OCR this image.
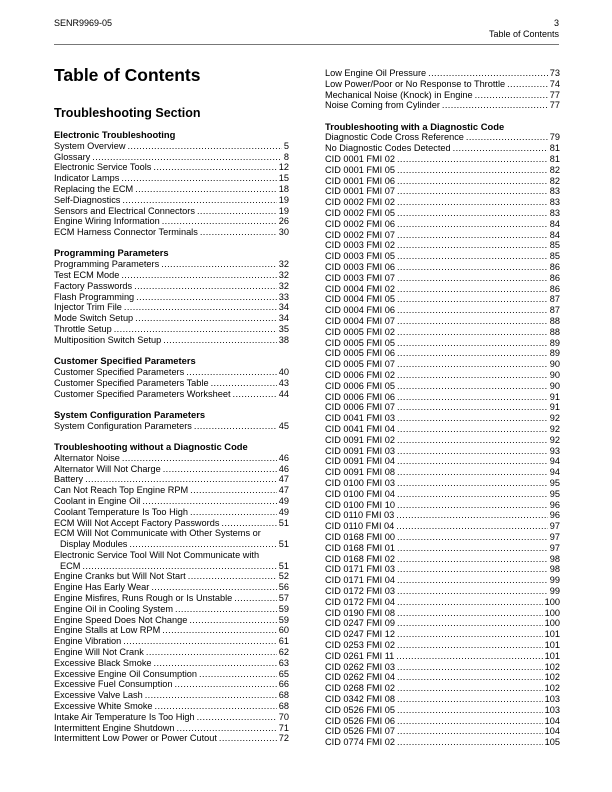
SENR9969-05	3
Table of Contents
Table of Contents
Troubleshooting Section
Electronic Troubleshooting
System Overview .....	5
Glossary .....	8
Electronic Service Tools .....	12
Indicator Lamps .....	15
Replacing the ECM .....	18
Self-Diagnostics .....	19
Sensors and Electrical Connectors .....	19
Engine Wiring Information .....	26
ECM Harness Connector Terminals .....	30
Programming Parameters
Programming Parameters .....	32
Test ECM Mode .....	32
Factory Passwords .....	32
Flash Programming .....	33
Injector Trim File .....	34
Mode Switch Setup .....	34
Throttle Setup .....	35
Multiposition Switch Setup .....	38
Customer Specified Parameters
Customer Specified Parameters .....	40
Customer Specified Parameters Table .....	43
Customer Specified Parameters Worksheet .....	44
System Configuration Parameters
System Configuration Parameters .....	45
Troubleshooting without a Diagnostic Code
Alternator Noise .....	46
Alternator Will Not Charge .....	46
Battery .....	47
Can Not Reach Top Engine RPM .....	47
Coolant in Engine Oil .....	49
Coolant Temperature Is Too High .....	49
ECM Will Not Accept Factory Passwords .....	51
ECM Will Not Communicate with Other Systems or
Display Modules .....	51
Electronic Service Tool Will Not Communicate with
ECM .....	51
Engine Cranks but Will Not Start .....	52
Engine Has Early Wear .....	56
Engine Misfires, Runs Rough or Is Unstable .....	57
Engine Oil in Cooling System .....	59
Engine Speed Does Not Change .....	59
Engine Stalls at Low RPM .....	60
Engine Vibration .....	61
Engine Will Not Crank .....	62
Excessive Black Smoke .....	63
Excessive Engine Oil Consumption .....	65
Excessive Fuel Consumption .....	66
Excessive Valve Lash .....	68
Excessive White Smoke .....	68
Intake Air Temperature Is Too High .....	70
Intermittent Engine Shutdown .....	71
Intermittent Low Power or Power Cutout .....	72
Low Engine Oil Pressure .....	73
Low Power/Poor or No Response to Throttle .....	74
Mechanical Noise (Knock) in Engine .....	77
Noise Coming from Cylinder .....	77
Troubleshooting with a Diagnostic Code
Diagnostic Code Cross Reference .....	79
No Diagnostic Codes Detected .....	81
CID 0001 FMI 02 .....	81
CID 0001 FMI 05 .....	82
CID 0001 FMI 06 .....	82
CID 0001 FMI 07 .....	83
CID 0002 FMI 02 .....	83
CID 0002 FMI 05 .....	83
CID 0002 FMI 06 .....	84
CID 0002 FMI 07 .....	84
CID 0003 FMI 02 .....	85
CID 0003 FMI 05 .....	85
CID 0003 FMI 06 .....	86
CID 0003 FMI 07 .....	86
CID 0004 FMI 02 .....	86
CID 0004 FMI 05 .....	87
CID 0004 FMI 06 .....	87
CID 0004 FMI 07 .....	88
CID 0005 FMI 02 .....	88
CID 0005 FMI 05 .....	89
CID 0005 FMI 06 .....	89
CID 0005 FMI 07 .....	90
CID 0006 FMI 02 .....	90
CID 0006 FMI 05 .....	90
CID 0006 FMI 06 .....	91
CID 0006 FMI 07 .....	91
CID 0041 FMI 03 .....	92
CID 0041 FMI 04 .....	92
CID 0091 FMI 02 .....	92
CID 0091 FMI 03 .....	93
CID 0091 FMI 04 .....	94
CID 0091 FMI 08 .....	94
CID 0100 FMI 03 .....	95
CID 0100 FMI 04 .....	95
CID 0100 FMI 10 .....	96
CID 0110 FMI 03 .....	96
CID 0110 FMI 04 .....	97
CID 0168 FMI 00 .....	97
CID 0168 FMI 01 .....	97
CID 0168 FMI 02 .....	98
CID 0171 FMI 03 .....	98
CID 0171 FMI 04 .....	99
CID 0172 FMI 03 .....	99
CID 0172 FMI 04 .....	100
CID 0190 FMI 08 .....	100
CID 0247 FMI 09 .....	100
CID 0247 FMI 12 .....	101
CID 0253 FMI 02 .....	101
CID 0261 FMI 11 .....	101
CID 0262 FMI 03 .....	102
CID 0262 FMI 04 .....	102
CID 0268 FMI 02 .....	102
CID 0342 FMI 08 .....	103
CID 0526 FMI 05 .....	103
CID 0526 FMI 06 .....	104
CID 0526 FMI 07 .....	104
CID 0774 FMI 02 .....	105
